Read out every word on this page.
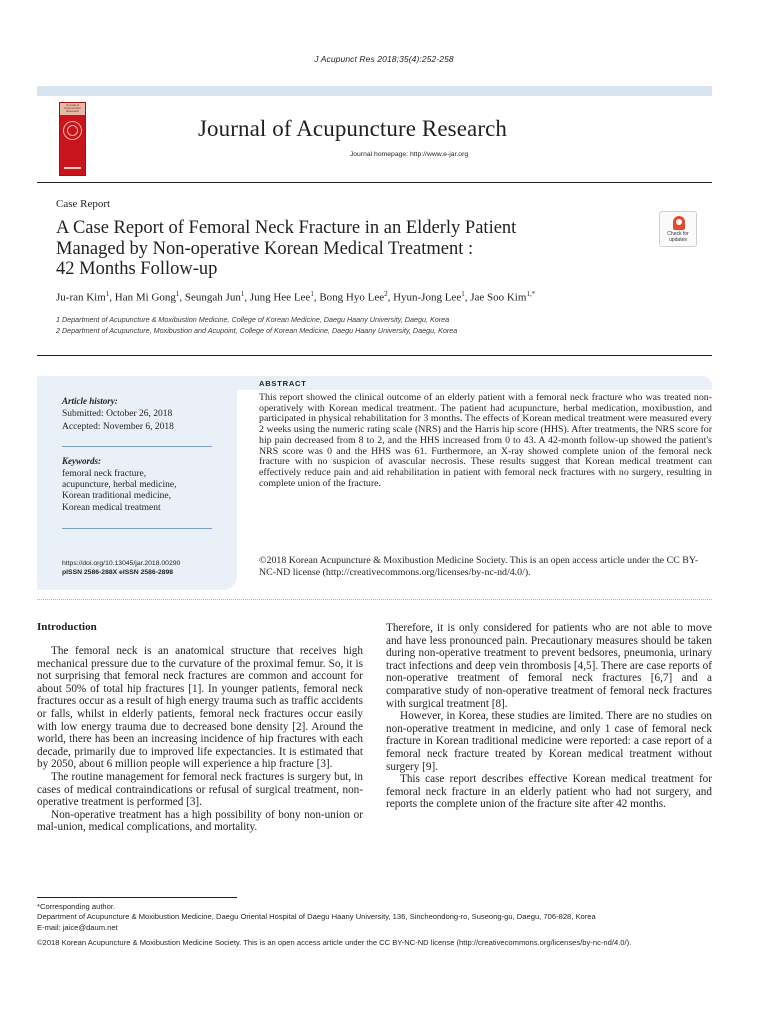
J Acupunct Res 2018;35(4):252-258
Journal of Acupuncture Research
Journal of Acupuncture Research
Journal homepage: http://www.e-jar.org
Case Report
A Case Report of Femoral Neck Fracture in an Elderly Patient
Managed by Non-operative Korean Medical Treatment :
42 Months Follow-up
Check for updates
Ju-ran Kim$^1$, Han Mi Gong$^1$, Seungah Jun$^1$, Jung Hee Lee$^1$, Bong Hyo Lee$^2$, Hyun-Jong Lee$^1$, Jae Soo Kim$^{1,*}$
1 Department of Acupuncture & Moxibustion Medicine, College of Korean Medicine, Daegu Haany University, Daegu, Korea
2 Department of Acupuncture, Moxibustion and Acupoint, College of Korean Medicine, Daegu Haany University, Daegu, Korea
Article history:
Submitted: October 26, 2018
Accepted: November 6, 2018
Keywords:
femoral neck fracture,
acupuncture, herbal medicine,
Korean traditional medicine,
Korean medical treatment
https://doi.org/10.13045/jar.2018.00290
pISSN 2586-288X eISSN 2586-2898
ABSTRACT
This report showed the clinical outcome of an elderly patient with a femoral neck fracture who was treated non-operatively with Korean medical treatment. The patient had acupuncture, herbal medication, moxibustion, and participated in physical rehabilitation for 3 months. The effects of Korean medical treatment were measured every 2 weeks using the numeric rating scale (NRS) and the Harris hip score (HHS). After treatments, the NRS score for hip pain decreased from 8 to 2, and the HHS increased from 0 to 43. A 42-month follow-up showed the patient's NRS score was 0 and the HHS was 61. Furthermore, an X-ray showed complete union of the femoral neck fracture with no suspicion of avascular necrosis. These results suggest that Korean medical treatment can effectively reduce pain and aid rehabilitation in patient with femoral neck fractures with no surgery, resulting in complete union of the fracture.
©2018 Korean Acupuncture & Moxibustion Medicine Society. This is an open access article under the CC BY-NC-ND license (http://creativecommons.org/licenses/by-nc-nd/4.0/).
Introduction

The femoral neck is an anatomical structure that receives high mechanical pressure due to the curvature of the proximal femur. So, it is not surprising that femoral neck fractures are common and account for about 50% of total hip fractures [1]. In younger patients, femoral neck fractures occur as a result of high energy trauma such as traffic accidents or falls, whilst in elderly patients, femoral neck fractures occur easily with low energy trauma due to decreased bone density [2]. Around the world, there has been an increasing incidence of hip fractures with each decade, primarily due to improved life expectancies. It is estimated that by 2050, about 6 million people will experience a hip fracture [3].

The routine management for femoral neck fractures is surgery but, in cases of medical contraindications or refusal of surgical treatment, non-operative treatment is performed [3].

Non-operative treatment has a high possibility of bony non-union or mal-union, medical complications, and mortality.

Therefore, it is only considered for patients who are not able to move and have less pronounced pain. Precautionary measures should be taken during non-operative treatment to prevent bedsores, pneumonia, urinary tract infections and deep vein thrombosis [4,5]. There are case reports of non-operative treatment of femoral neck fractures [6,7] and a comparative study of non-operative treatment of femoral neck fractures with surgical treatment [8].

However, in Korea, these studies are limited. There are no studies on non-operative treatment in medicine, and only 1 case of femoral neck fracture in Korean traditional medicine were reported: a case report of a femoral neck fracture treated by Korean medical treatment without surgery [9].

This case report describes effective Korean medical treatment for femoral neck fracture in an elderly patient who had not surgery, and reports the complete union of the fracture site after 42 months.

*Corresponding author.
Department of Acupuncture & Moxibustion Medicine, Daegu Oriental Hospital of Daegu Haany University, 136, Sincheondong-ro, Suseong-gu, Daegu, 706-828, Korea
E-mail: jaice@daum.net
©2018 Korean Acupuncture & Moxibustion Medicine Society. This is an open access article under the CC BY-NC-ND license (http://creativecommons.org/licenses/by-nc-nd/4.0/).
